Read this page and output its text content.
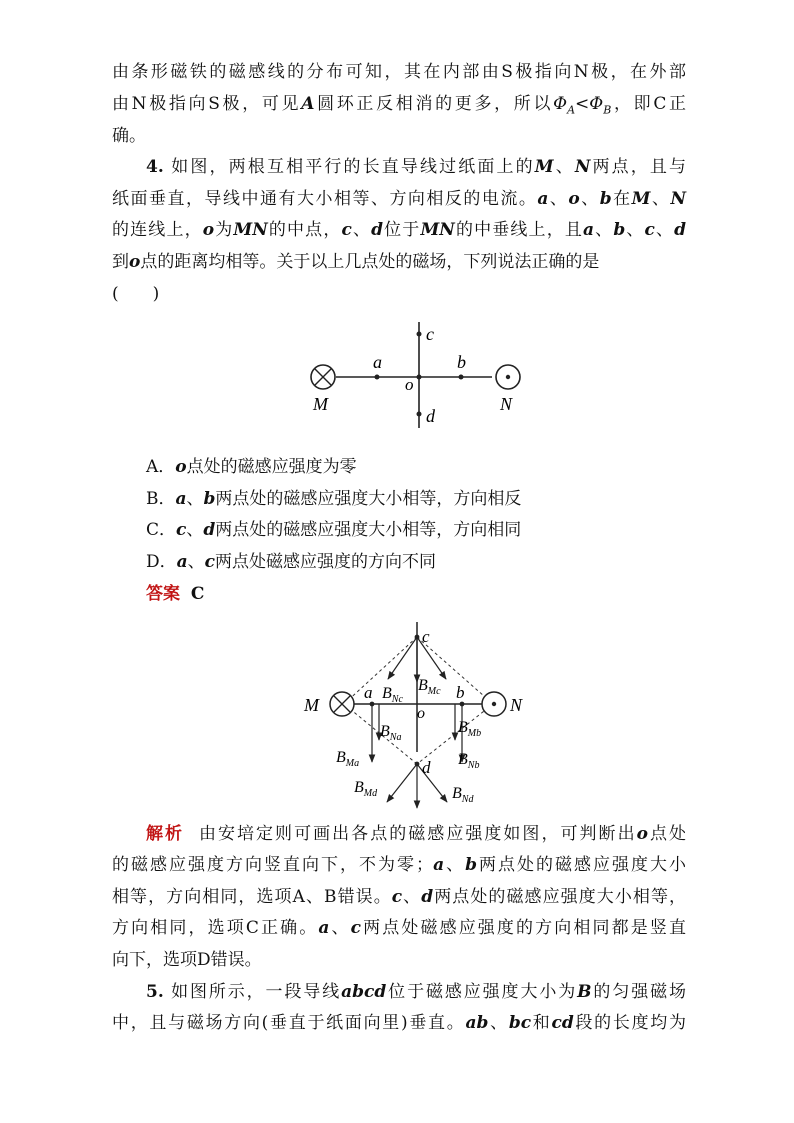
由条形磁铁的磁感线的分布可知，其在内部由S极指向N极，在外部
由N极指向S极，可见A圆环正反相消的更多，所以$\Phi_A<\Phi_B$，即C正
确。
4. 如图，两根互相平行的长直导线过纸面上的M、N两点，且与
纸面垂直，导线中通有大小相等、方向相反的电流。a、o、b在M、N
的连线上，o为MN的中点，c、d位于MN的中垂线上，且a、b、c、d
到o点的距离均相等。关于以上几点处的磁场，下列说法正确的是
(　　)
M	N
a	b
o
c
d
A．o点处的磁感应强度为零
B．a、b两点处的磁感应强度大小相等，方向相反
C．c、d两点处的磁感应强度大小相等，方向相同
D．a、c两点处磁感应强度的方向不同
答案 C
M	N
a	b
c
d
o
$B_{Nc}$
$B_{Mc}$
$B_{Na}$
$B_{Mb}$
$B_{Ma}$	$B_{Nb}$
$B_{Md}$	$B_{Nd}$
解析 由安培定则可画出各点的磁感应强度如图，可判断出o点处
的磁感应强度方向竖直向下，不为零；a、b两点处的磁感应强度大小
相等，方向相同，选项A、B错误。c、d两点处的磁感应强度大小相等，
方向相同，选项C正确。a、c两点处磁感应强度的方向相同都是竖直
向下，选项D错误。
5. 如图所示，一段导线abcd位于磁感应强度大小为B的匀强磁场
中，且与磁场方向(垂直于纸面向里)垂直。ab、bc和cd段的长度均为
